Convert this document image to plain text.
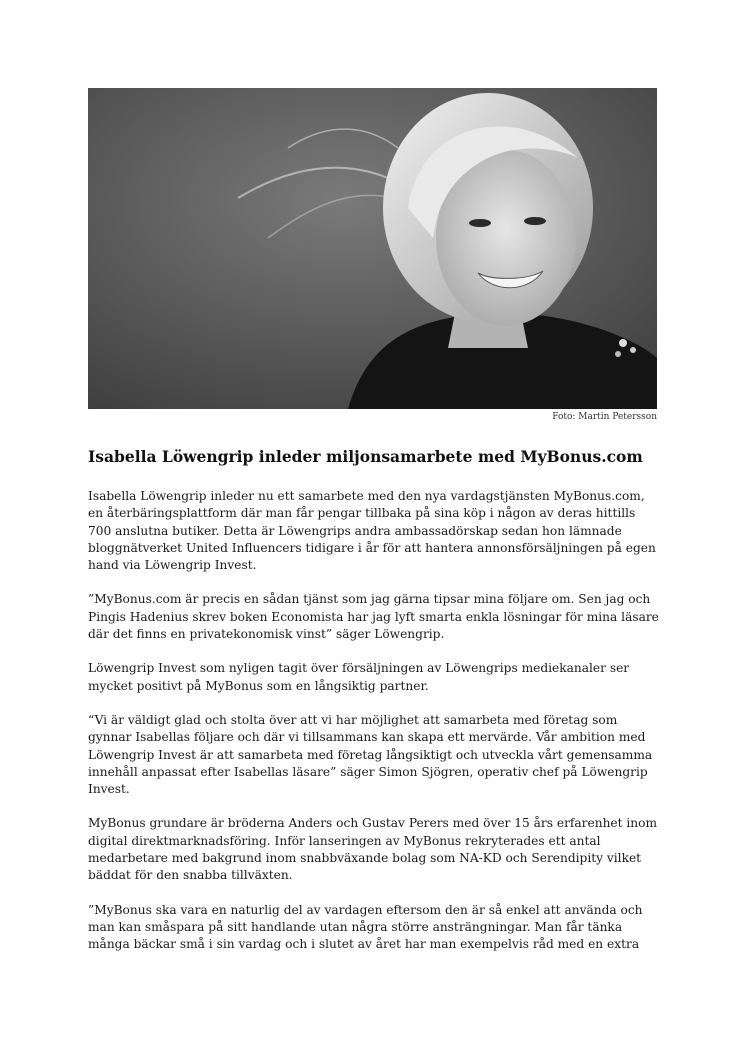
Foto: Martin Petersson
Isabella Löwengrip inleder miljonsamarbete med MyBonus.com

Isabella Löwengrip inleder nu ett samarbete med den nya vardagstjänsten MyBonus.com, en återbäringsplattform där man får pengar tillbaka på sina köp i någon av deras hittills 700 anslutna butiker. Detta är Löwengrips andra ambassadörskap sedan hon lämnade bloggnätverket United Influencers tidigare i år för att hantera annonsförsäljningen på egen hand via Löwengrip Invest.

”MyBonus.com är precis en sådan tjänst som jag gärna tipsar mina följare om. Sen jag och Pingis Hadenius skrev boken Economista har jag lyft smarta enkla lösningar för mina läsare där det finns en privatekonomisk vinst” säger Löwengrip.

Löwengrip Invest som nyligen tagit över försäljningen av Löwengrips mediekanaler ser mycket positivt på MyBonus som en långsiktig partner.

“Vi är väldigt glad och stolta över att vi har möjlighet att samarbeta med företag som gynnar Isabellas följare och där vi tillsammans kan skapa ett mervärde. Vår ambition med Löwengrip Invest är att samarbeta med företag långsiktigt och utveckla vårt gemensamma innehåll anpassat efter Isabellas läsare” säger Simon Sjögren, operativ chef på Löwengrip Invest.

MyBonus grundare är bröderna Anders och Gustav Perers med över 15 års erfarenhet inom digital direktmarknadsföring. Inför lanseringen av MyBonus rekryterades ett antal medarbetare med bakgrund inom snabbväxande bolag som NA-KD och Serendipity vilket bäddat för den snabba tillväxten.

”MyBonus ska vara en naturlig del av vardagen eftersom den är så enkel att använda och man kan småspara på sitt handlande utan några större ansträngningar. Man får tänka många bäckar små i sin vardag och i slutet av året har man exempelvis råd med en extra
